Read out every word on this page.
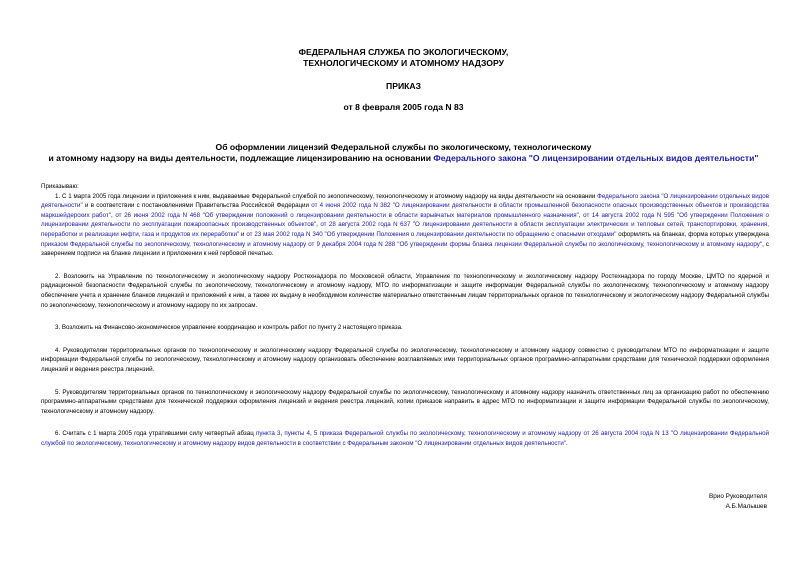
ФЕДЕРАЛЬНАЯ СЛУЖБА ПО ЭКОЛОГИЧЕСКОМУ,
ТЕХНОЛОГИЧЕСКОМУ И АТОМНОМУ НАДЗОРУ
ПРИКАЗ
от 8 февраля 2005 года N 83
Об оформлении лицензий Федеральной службы по экологическому, технологическому
и атомному надзору на виды деятельности, подлежащие лицензированию на основании Федерального закона "О лицензировании отдельных видов деятельности"

Приказываю:

1. С 1 марта 2005 года лицензии и приложения к ним, выдаваемые Федеральной службой по экологическому, технологическому и атомному надзору на виды деятельности на основании Федерального закона "О лицензировании отдельных видов деятельности" и в соответствии с постановлениями Правительства Российской Федерации от 4 июня 2002 года N 382 "О лицензировании деятельности в области промышленной безопасности опасных производственных объектов и производства маркшейдерских работ", от 26 июня 2002 года N 468 "Об утверждении положений о лицензировании деятельности в области взрывчатых материалов промышленного назначения", от 14 августа 2002 года N 595 "Об утверждении Положения о лицензировании деятельности по эксплуатации пожароопасных производственных объектов", от 28 августа 2002 года N 637 "О лицензировании деятельности в области эксплуатации электрических и тепловых сетей, транспортировки, хранения, переработки и реализации нефти, газа и продуктов их переработки" и от 23 мая 2002 года N 340 "Об утверждении Положения о лицензировании деятельности по обращению с опасными отходами" оформлять на бланках, форма которых утверждена приказом Федеральной службы по экологическому, технологическому и атомному надзору от 9 декабря 2004 года N 288 "Об утверждении формы бланка лицензии Федеральной службы по экологическому, технологическому и атомному надзору", с заверением подписи на бланке лицензии и приложении к ней гербовой печатью.

2. Возложить на Управление по технологическому и экологическому надзору Ростехнадзора по Московской области, Управление по технологическому и экологическому надзору Ростехнадзора по городу Москве, ЦМТО по ядерной и радиационной безопасности Федеральной службы по экологическому, технологическому и атомному надзору, МТО по информатизации и защите информации Федеральной службы по экологическому, технологическому и атомному надзору обеспечение учета и хранение бланков лицензий и приложений к ним, а также их выдачу в необходимом количестве материально ответственным лицам территориальных органов по технологическому и экологическому надзору Федеральной службы по экологическому, технологическому и атомному надзору по их запросам.

3. Возложить на Финансово-экономическое управление координацию и контроль работ по пункту 2 настоящего приказа.

4. Руководителям территориальных органов по технологическому и экологическому надзору Федеральной службы по экологическому, технологическому и атомному надзору совместно с руководителем МТО по информатизации и защите информации Федеральной службы по экологическому, технологическому и атомному надзору организовать обеспечение возглавляемых ими территориальных органов программно-аппаратными средствами для технической поддержки оформления лицензий и ведения реестра лицензий.

5. Руководителям территориальных органов по технологическому и экологическому надзору Федеральной службы по экологическому, технологическому и атомному надзору назначить ответственных лиц за организацию работ по обеспечению программно-аппаратными средствами для технической поддержки оформления лицензий и ведения реестра лицензий, копии приказов направить в адрес МТО по информатизации и защите информации Федеральной службы по экологическому, технологическому и атомному надзору.

6. Считать с 1 марта 2005 года утратившими силу четвертый абзац пункта 3, пункты 4, 5 приказа Федеральной службы по экологическому, технологическому и атомному надзору от 26 августа 2004 года N 13 "О лицензировании Федеральной службой по экологическому, технологическому и атомному надзору видов деятельности в соответствии с Федеральным законом "О лицензировании отдельных видов деятельности".

Врио Руководителя
А.Б.Малышев
